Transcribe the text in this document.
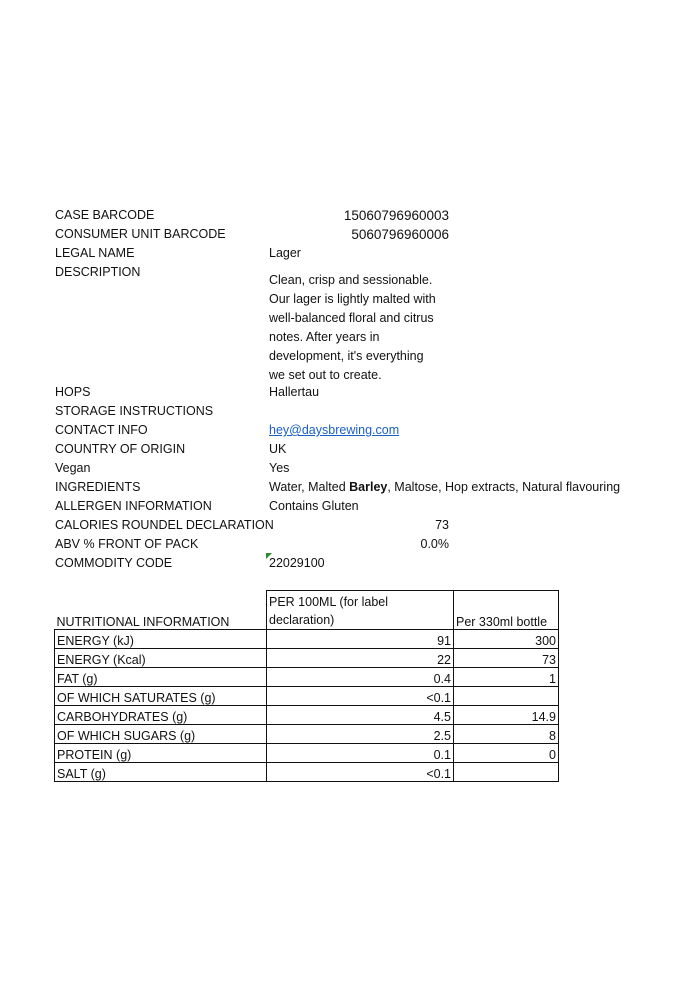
CASE BARCODE	15060796960003
CONSUMER UNIT BARCODE	5060796960006
LEGAL NAME	Lager
DESCRIPTION
Clean, crisp and sessionable.
Our lager is lightly malted with
well-balanced floral and citrus
notes. After years in
development, it's everything
we set out to create.
HOPS	Hallertau
STORAGE INSTRUCTIONS
CONTACT INFO	hey@daysbrewing.com
COUNTRY OF ORIGIN	UK
Vegan	Yes
INGREDIENTS	Water, Malted Barley, Maltose, Hop extracts, Natural flavouring
ALLERGEN INFORMATION	Contains Gluten
CALORIES ROUNDEL DECLARATION	73
ABV % FRONT OF PACK	0.0%
COMMODITY CODE	22029100
NUTRITIONAL INFORMATION	PER 100ML (for label declaration)	Per 330ml bottle
ENERGY (kJ)	91	300
ENERGY (Kcal)	22	73
FAT (g)	0.4	1
OF WHICH SATURATES (g)	<0.1	
CARBOHYDRATES (g)	4.5	14.9
OF WHICH SUGARS (g)	2.5	8
PROTEIN (g)	0.1	0
SALT (g)	<0.1	
